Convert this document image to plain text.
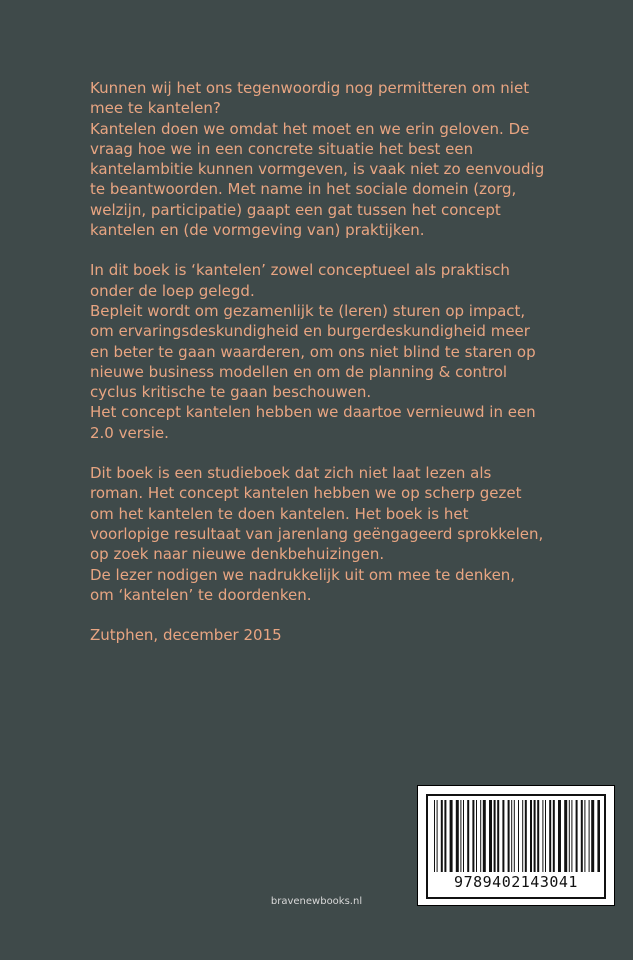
Kunnen wij het ons tegenwoordig nog permitteren om niet
mee te kantelen?
Kantelen doen we omdat het moet en we erin geloven. De
vraag hoe we in een concrete situatie het best een
kantelambitie kunnen vormgeven, is vaak niet zo eenvoudig
te beantwoorden. Met name in het sociale domein (zorg,
welzijn, participatie) gaapt een gat tussen het concept
kantelen en (de vormgeving van) praktijken.
In dit boek is ‘kantelen’ zowel conceptueel als praktisch
onder de loep gelegd.
Bepleit wordt om gezamenlijk te (leren) sturen op impact,
om ervaringsdeskundigheid en burgerdeskundigheid meer
en beter te gaan waarderen, om ons niet blind te staren op
nieuwe business modellen en om de planning & control
cyclus kritische te gaan beschouwen.
Het concept kantelen hebben we daartoe vernieuwd in een
2.0 versie.
Dit boek is een studieboek dat zich niet laat lezen als
roman. Het concept kantelen hebben we op scherp gezet
om het kantelen te doen kantelen. Het boek is het
voorlopige resultaat van jarenlang geëngageerd sprokkelen,
op zoek naar nieuwe denkbehuizingen.
De lezer nodigen we nadrukkelijk uit om mee te denken,
om ‘kantelen’ te doordenken.
Zutphen, december 2015
9789402143041
bravenewbooks.nl
